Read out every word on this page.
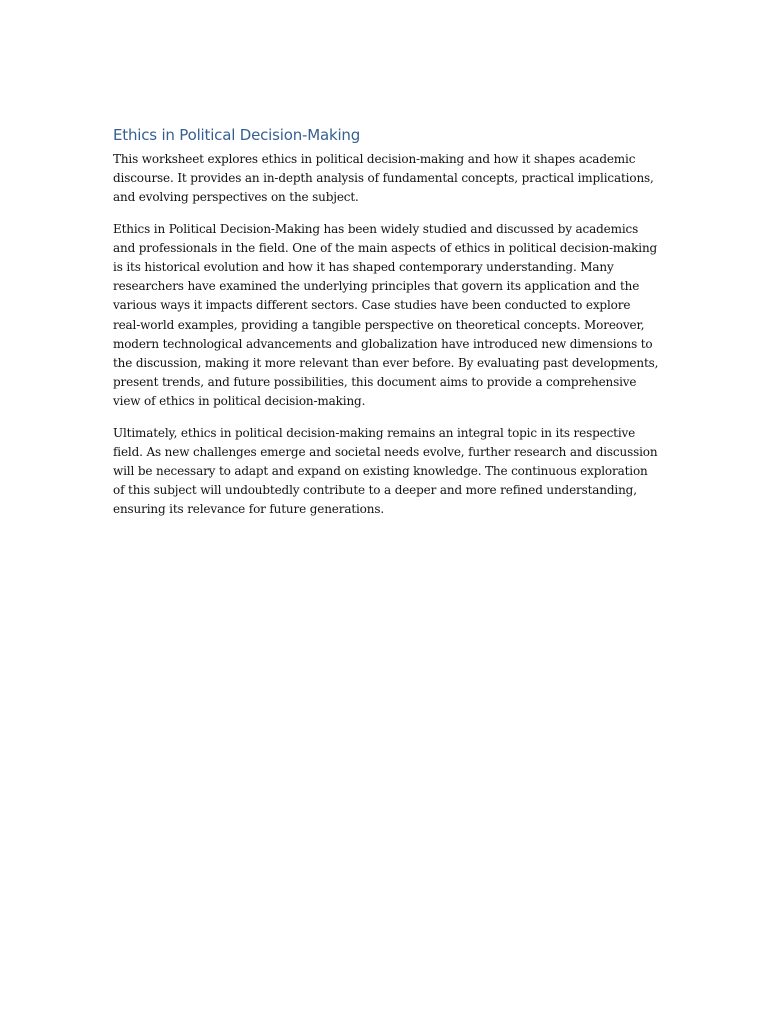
Ethics in Political Decision-Making

This worksheet explores ethics in political decision-making and how it shapes academic discourse. It provides an in-depth analysis of fundamental concepts, practical implications, and evolving perspectives on the subject.

Ethics in Political Decision-Making has been widely studied and discussed by academics and professionals in the field. One of the main aspects of ethics in political decision-making is its historical evolution and how it has shaped contemporary understanding. Many researchers have examined the underlying principles that govern its application and the various ways it impacts different sectors. Case studies have been conducted to explore real-world examples, providing a tangible perspective on theoretical concepts. Moreover, modern technological advancements and globalization have introduced new dimensions to the discussion, making it more relevant than ever before. By evaluating past developments, present trends, and future possibilities, this document aims to provide a comprehensive view of ethics in political decision-making.

Ultimately, ethics in political decision-making remains an integral topic in its respective field. As new challenges emerge and societal needs evolve, further research and discussion will be necessary to adapt and expand on existing knowledge. The continuous exploration of this subject will undoubtedly contribute to a deeper and more refined understanding, ensuring its relevance for future generations.
